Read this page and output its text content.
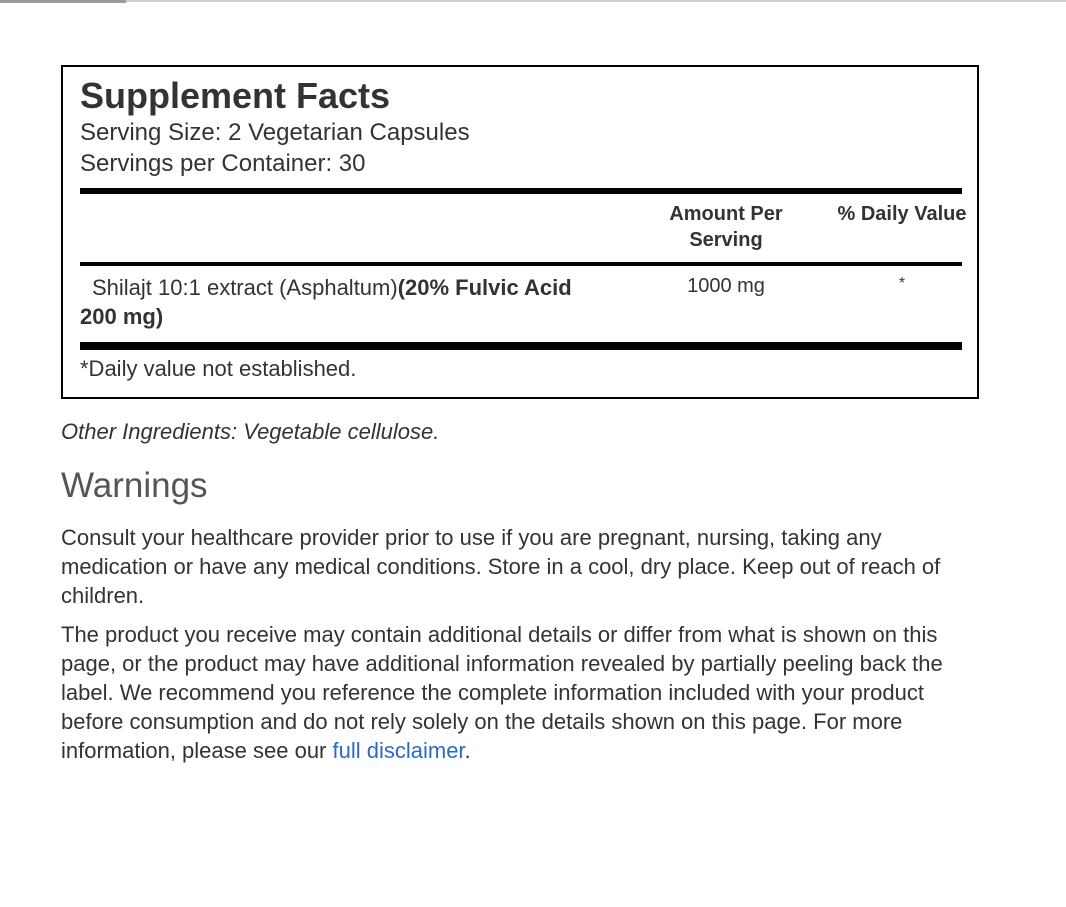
Supplement Facts
Serving Size: 2 Vegetarian Capsules
Servings per Container: 30
Amount Per Serving
% Daily Value
Shilajt 10:1 extract (Asphaltum)(20% Fulvic Acid 200 mg)
1000 mg	*
*Daily value not established.
Other Ingredients: Vegetable cellulose.
Warnings
Consult your healthcare provider prior to use if you are pregnant, nursing, taking any medication or have any medical conditions. Store in a cool, dry place. Keep out of reach of children.
The product you receive may contain additional details or differ from what is shown on this page, or the product may have additional information revealed by partially peeling back the label. We recommend you reference the complete information included with your product before consumption and do not rely solely on the details shown on this page. For more information, please see our full disclaimer.
